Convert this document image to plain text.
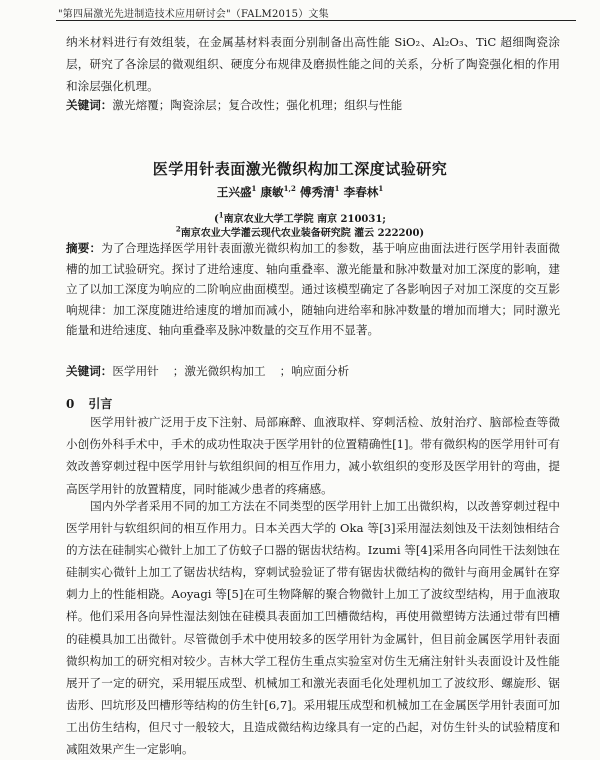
"第四届激光先进制造技术应用研讨会"（FALM2015）文集
纳米材料进行有效组装，在金属基材料表面分别制备出高性能 SiO₂、Al₂O₃、TiC 超细陶瓷涂层，研究了各涂层的微观组织、硬度分布规律及磨损性能之间的关系，分析了陶瓷强化相的作用和涂层强化机理。
关键词：激光熔覆；陶瓷涂层；复合改性；强化机理；组织与性能
医学用针表面激光微织构加工深度试验研究
王兴盛$^1$ 康敏$^{1,2}$ 傅秀清$^1$ 李春林$^1$
($^1$南京农业大学工学院 南京 210031;
$^2$南京农业大学灌云现代农业装备研究院 灌云 222200)
摘要：为了合理选择医学用针表面激光微织构加工的参数，基于响应曲面法进行医学用针表面微槽的加工试验研究。探讨了进给速度、轴向重叠率、激光能量和脉冲数量对加工深度的影响，建立了以加工深度为响应的二阶响应曲面模型。通过该模型确定了各影响因子对加工深度的交互影响规律：加工深度随进给速度的增加而减小，随轴向进给率和脉冲数量的增加而增大；同时激光能量和进给速度、轴向重叠率及脉冲数量的交互作用不显著。
关键词：医学用针 ；激光微织构加工 ；响应面分析
0 引言
医学用针被广泛用于皮下注射、局部麻醉、血液取样、穿刺活检、放射治疗、脑部检查等微小创伤外科手术中，手术的成功性取决于医学用针的位置精确性[1]。带有微织构的医学用针可有效改善穿刺过程中医学用针与软组织间的相互作用力，减小软组织的变形及医学用针的弯曲，提高医学用针的放置精度，同时能减少患者的疼痛感。
国内外学者采用不同的加工方法在不同类型的医学用针上加工出微织构，以改善穿刺过程中医学用针与软组织间的相互作用力。日本关西大学的 Oka 等[3]采用湿法刻蚀及干法刻蚀相结合的方法在硅制实心微针上加工了仿蚊子口器的锯齿状结构。Izumi 等[4]采用各向同性干法刻蚀在硅制实心微针上加工了锯齿状结构，穿刺试验验证了带有锯齿状微结构的微针与商用金属针在穿刺力上的性能相跷。Aoyagi 等[5]在可生物降解的聚合物微针上加工了波纹型结构，用于血液取样。他们采用各向异性湿法刻蚀在硅模具表面加工凹槽微结构，再使用微塑铸方法通过带有凹槽的硅模具加工出微针。尽管微创手术中使用较多的医学用针为金属针，但目前金属医学用针表面微织构加工的研究相对较少。吉林大学工程仿生重点实验室对仿生无痛注射针头表面设计及性能展开了一定的研究，采用辊压成型、机械加工和激光表面毛化处理机加工了波纹形、螺旋形、锯齿形、凹坑形及凹槽形等结构的仿生针[6,7]。采用辊压成型和机械加工在金属医学用针表面可加工出仿生结构，但尺寸一般较大，且造成微结构边缘具有一定的凸起，对仿生针头的试验精度和减阻效果产生一定影响。
